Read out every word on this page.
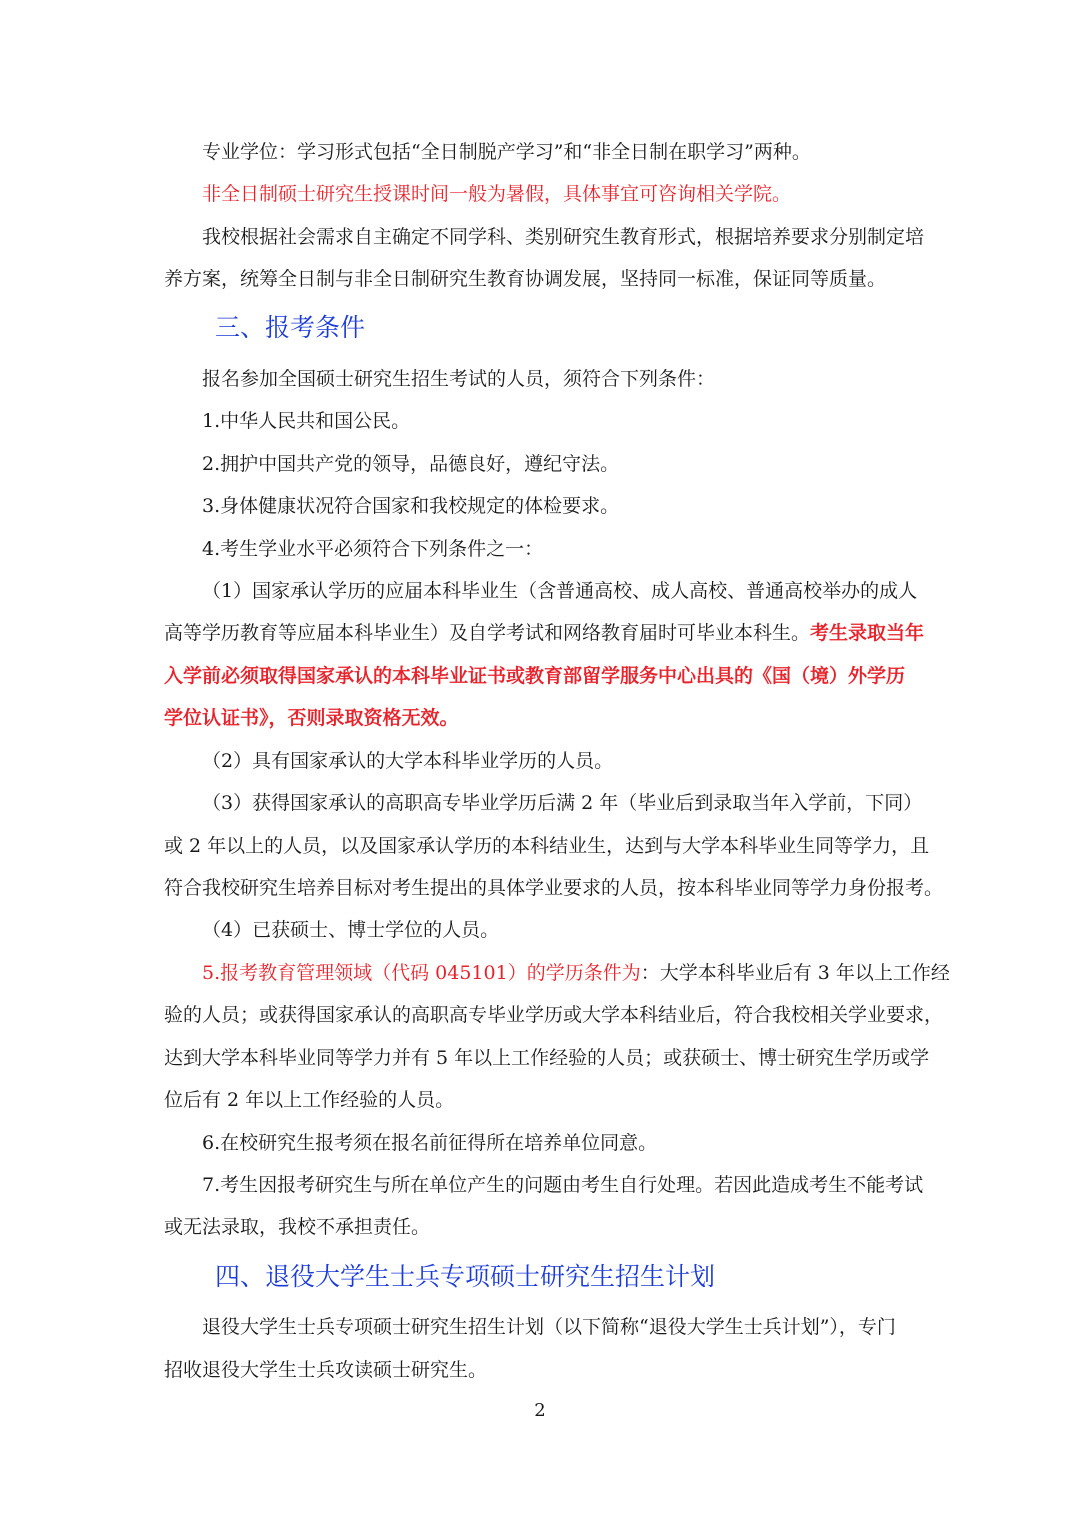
专业学位：学习形式包括“全日制脱产学习”和“非全日制在职学习”两种。
非全日制硕士研究生授课时间一般为暑假，具体事宜可咨询相关学院。
我校根据社会需求自主确定不同学科、类别研究生教育形式，根据培养要求分别制定培
养方案，统筹全日制与非全日制研究生教育协调发展，坚持同一标准，保证同等质量。
三、报考条件
报名参加全国硕士研究生招生考试的人员，须符合下列条件：
1.中华人民共和国公民。
2.拥护中国共产党的领导，品德良好，遵纪守法。
3.身体健康状况符合国家和我校规定的体检要求。
4.考生学业水平必须符合下列条件之一：
（1）国家承认学历的应届本科毕业生（含普通高校、成人高校、普通高校举办的成人
高等学历教育等应届本科毕业生）及自学考试和网络教育届时可毕业本科生。考生录取当年
入学前必须取得国家承认的本科毕业证书或教育部留学服务中心出具的《国（境）外学历
学位认证书》，否则录取资格无效。
（2）具有国家承认的大学本科毕业学历的人员。
（3）获得国家承认的高职高专毕业学历后满 2 年（毕业后到录取当年入学前，下同）
或 2 年以上的人员，以及国家承认学历的本科结业生，达到与大学本科毕业生同等学力，且
符合我校研究生培养目标对考生提出的具体学业要求的人员，按本科毕业同等学力身份报考。
（4）已获硕士、博士学位的人员。
5.报考教育管理领域（代码 045101）的学历条件为：大学本科毕业后有 3 年以上工作经
验的人员；或获得国家承认的高职高专毕业学历或大学本科结业后，符合我校相关学业要求，
达到大学本科毕业同等学力并有 5 年以上工作经验的人员；或获硕士、博士研究生学历或学
位后有 2 年以上工作经验的人员。
6.在校研究生报考须在报名前征得所在培养单位同意。
7.考生因报考研究生与所在单位产生的问题由考生自行处理。若因此造成考生不能考试
或无法录取，我校不承担责任。
四、退役大学生士兵专项硕士研究生招生计划
退役大学生士兵专项硕士研究生招生计划（以下简称“退役大学生士兵计划”），专门
招收退役大学生士兵攻读硕士研究生。
2
